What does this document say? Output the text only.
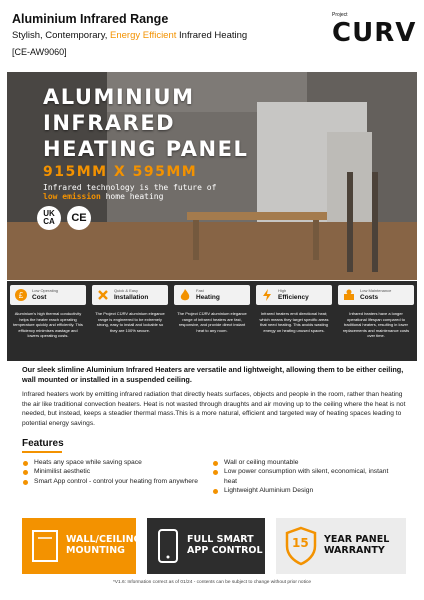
Aluminium Infrared Range
Stylish, Contemporary, Energy Efficient Infrared Heating
[CE-AW9060]
Project
CURV
ALUMINIUM
INFRARED
HEATING PANEL
915MM X 595MM
Infrared technology is the future of
low emission home heating
UK CA	CE
£
Low Operating
Cost
Aluminium's high thermal conductivity helps the heater reach operating temperature quickly and efficiently. This efficiency minimises wastage and lowers operating costs.
Quick & Easy
Installation
The Project CÜRV aluminium elegance range is engineered to be extremely strong, easy to install and lockable so they are 100% secure.
Fast
Heating
The Project CÜRV aluminium elegance range of infrared heaters are fast, responsive, and provide direct instant heat to any room.
High
Efficiency
Infrared heaters emit directional heat; which means they target specific areas that need heating. This avoids wasting energy on heating unused spaces.
Low Maintenance
Costs
Infrared heaters have a longer operational lifespan compared to traditional heaters, resulting in lower replacements and maintenance costs over time.
Our sleek slimline Aluminium Infrared Heaters are versatile and lightweight, allowing them to be either ceiling, wall mounted or installed in a suspended ceiling.
Infrared heaters work by emitting infrared radiation that directly heats surfaces, objects and people in the room, rather than heating the air like traditional convection heaters. Heat is not wasted through draughts and air moving up to the ceiling where the heat is not needed, but instead, keeps a steadier thermal mass.This is a more natural, efficient and targeted way of heating spaces leading to potential energy savings.
Features
Heats any space while saving space
Minimilist aesthetic
Smart App control - control your heating from anywhere
Wall or ceiling mountable
Low power consumption with silent, economical, instant heat
Lightweight Aluminium Design
WALL/CEILING
MOUNTING
FULL SMART
APP CONTROL
15 YEAR PANEL
WARRANTY
*V1.6: Information correct as of 01/24 - contents can be subject to change without prior notice
